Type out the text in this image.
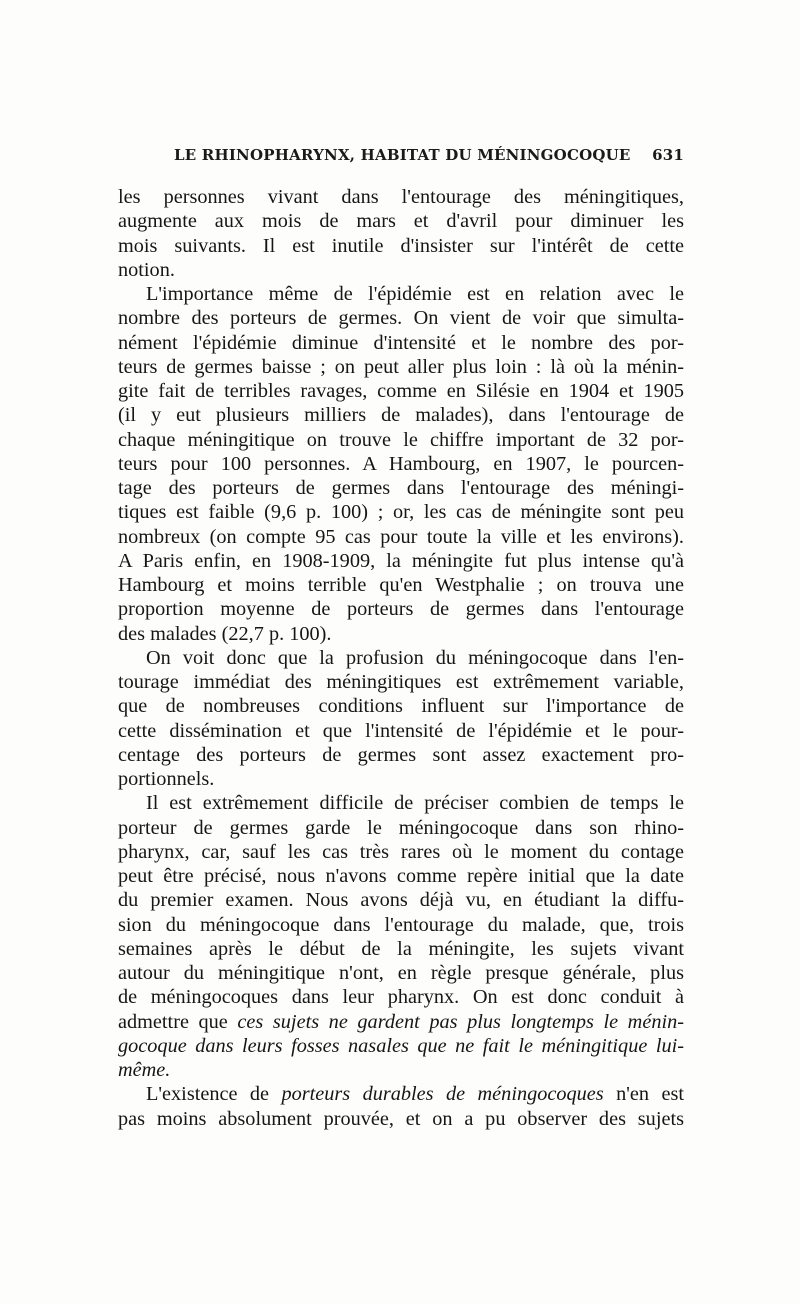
LE RHINOPHARYNX, HABITAT DU MÉNINGOCOQUE 631
les personnes vivant dans l'entourage des méningitiques,
augmente aux mois de mars et d'avril pour diminuer les
mois suivants. Il est inutile d'insister sur l'intérêt de cette
notion.
L'importance même de l'épidémie est en relation avec le
nombre des porteurs de germes. On vient de voir que simulta-
nément l'épidémie diminue d'intensité et le nombre des por-
teurs de germes baisse ; on peut aller plus loin : là où la ménin-
gite fait de terribles ravages, comme en Silésie en 1904 et 1905
(il y eut plusieurs milliers de malades), dans l'entourage de
chaque méningitique on trouve le chiffre important de 32 por-
teurs pour 100 personnes. A Hambourg, en 1907, le pourcen-
tage des porteurs de germes dans l'entourage des méningi-
tiques est faible (9,6 p. 100) ; or, les cas de méningite sont peu
nombreux (on compte 95 cas pour toute la ville et les environs).
A Paris enfin, en 1908-1909, la méningite fut plus intense qu'à
Hambourg et moins terrible qu'en Westphalie ; on trouva une
proportion moyenne de porteurs de germes dans l'entourage
des malades (22,7 p. 100).
On voit donc que la profusion du méningocoque dans l'en-
tourage immédiat des méningitiques est extrêmement variable,
que de nombreuses conditions influent sur l'importance de
cette dissémination et que l'intensité de l'épidémie et le pour-
centage des porteurs de germes sont assez exactement pro-
portionnels.
Il est extrêmement difficile de préciser combien de temps le
porteur de germes garde le méningocoque dans son rhino-
pharynx, car, sauf les cas très rares où le moment du contage
peut être précisé, nous n'avons comme repère initial que la date
du premier examen. Nous avons déjà vu, en étudiant la diffu-
sion du méningocoque dans l'entourage du malade, que, trois
semaines après le début de la méningite, les sujets vivant
autour du méningitique n'ont, en règle presque générale, plus
de méningocoques dans leur pharynx. On est donc conduit à
admettre que ces sujets ne gardent pas plus longtemps le ménin-
gocoque dans leurs fosses nasales que ne fait le méningitique lui-
même.
L'existence de porteurs durables de méningocoques n'en est
pas moins absolument prouvée, et on a pu observer des sujets
